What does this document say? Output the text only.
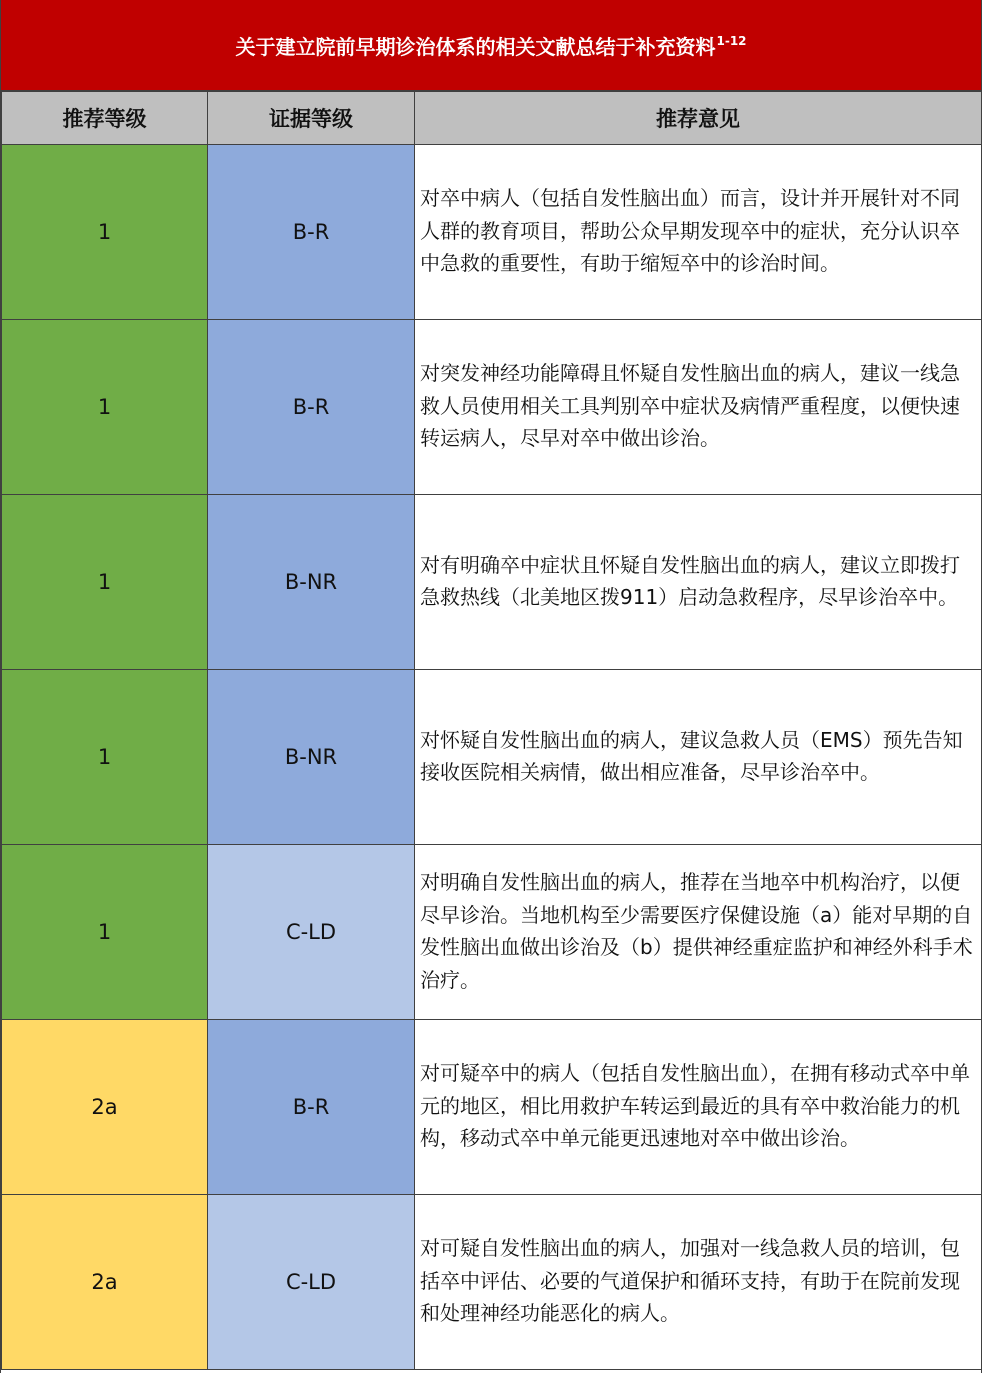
关于建立院前早期诊治体系的相关文献总结于补充资料$^{1-12}$
推荐等级	证据等级	推荐意见
1	B-R	对卒中病人（包括自发性脑出血）而言，设计并开展针对不同人群的教育项目，帮助公众早期发现卒中的症状，充分认识卒中急救的重要性，有助于缩短卒中的诊治时间。
1	B-R	对突发神经功能障碍且怀疑自发性脑出血的病人，建议一线急救人员使用相关工具判别卒中症状及病情严重程度，以便快速转运病人，尽早对卒中做出诊治。
1	B-NR	对有明确卒中症状且怀疑自发性脑出血的病人，建议立即拨打急救热线（北美地区拨911）启动急救程序，尽早诊治卒中。
1	B-NR	对怀疑自发性脑出血的病人，建议急救人员（EMS）预先告知接收医院相关病情，做出相应准备，尽早诊治卒中。
1	C-LD	对明确自发性脑出血的病人，推荐在当地卒中机构治疗，以便尽早诊治。当地机构至少需要医疗保健设施（a）能对早期的自发性脑出血做出诊治及（b）提供神经重症监护和神经外科手术治疗。
2a	B-R	对可疑卒中的病人（包括自发性脑出血），在拥有移动式卒中单元的地区，相比用救护车转运到最近的具有卒中救治能力的机构，移动式卒中单元能更迅速地对卒中做出诊治。
2a	C-LD	对可疑自发性脑出血的病人，加强对一线急救人员的培训，包括卒中评估、必要的气道保护和循环支持，有助于在院前发现和处理神经功能恶化的病人。
